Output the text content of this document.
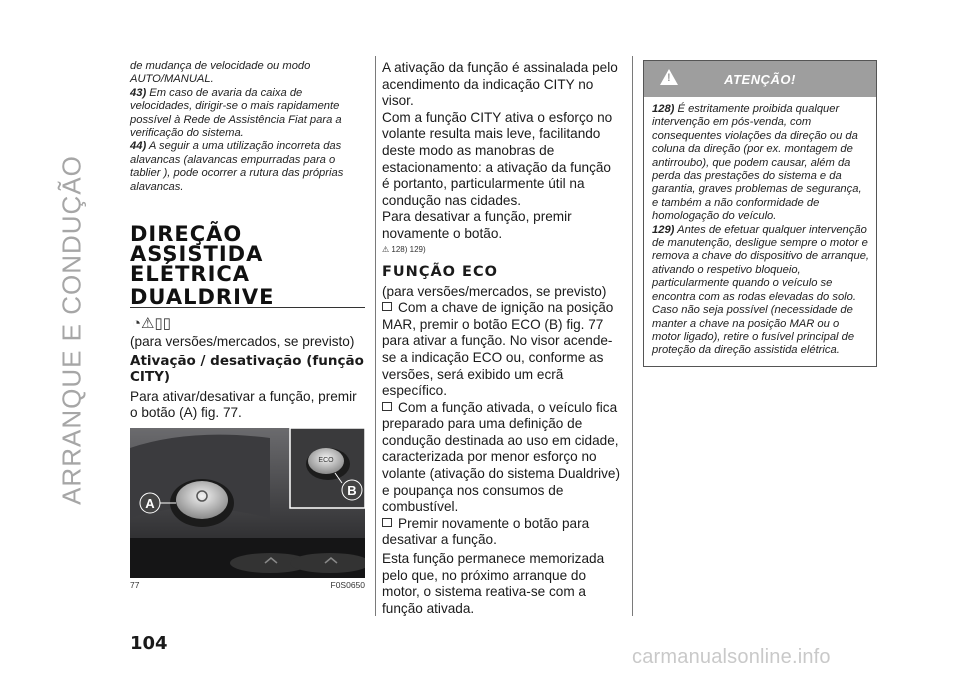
ARRANQUE E CONDUÇÃO

de mudança de velocidade ou modo AUTO/MANUAL.

43) Em caso de avaria da caixa de velocidades, dirigir-se o mais rapidamente possível à Rede de Assistência Fiat para a verificação do sistema.

44) A seguir a uma utilização incorreta das alavancas (alavancas empurradas para o tablier ), pode ocorrer a rutura das próprias alavancas.

DIREÇÃO ASSISTIDA
ELÉTRICA
DUALDRIVE
◔⚠︎▯▯

(para versões/mercados, se previsto)

Ativação / desativação (função CITY)

Para ativar/desativar a função, premir o botão (A) fig. 77.

ECO
A
B
77	F0S0650

A ativação da função é assinalada pelo acendimento da indicação CITY no visor.

Com a função CITY ativa o esforço no volante resulta mais leve, facilitando deste modo as manobras de estacionamento: a ativação da função é portanto, particularmente útil na condução nas cidades.

Para desativar a função, premir novamente o botão.

⚠ 128) 129)
FUNÇÃO ECO

(para versões/mercados, se previsto)

Com a chave de ignição na posição MAR, premir o botão ECO (B) fig. 77 para ativar a função. No visor acende-se a indicação ECO ou, conforme as versões, será exibido um ecrã específico.

Com a função ativada, o veículo fica preparado para uma definição de condução destinada ao uso em cidade, caracterizada por menor esforço no volante (ativação do sistema Dualdrive) e poupança nos consumos de combustível.

Premir novamente o botão para desativar a função.

Esta função permanece memorizada pelo que, no próximo arranque do motor, o sistema reativa-se com a função ativada.

!
ATENÇÃO!

128) É estritamente proibida qualquer intervenção em pós-venda, com consequentes violações da direção ou da coluna da direção (por ex. montagem de antirroubo), que podem causar, além da perda das prestações do sistema e da garantia, graves problemas de segurança, e também a não conformidade de homologação do veículo.

129) Antes de efetuar qualquer intervenção de manutenção, desligue sempre o motor e remova a chave do dispositivo de arranque, ativando o respetivo bloqueio, particularmente quando o veículo se encontra com as rodas elevadas do solo. Caso não seja possível (necessidade de manter a chave na posição MAR ou o motor ligado), retire o fusível principal de proteção da direção assistida elétrica.

104
carmanualsonline.info
